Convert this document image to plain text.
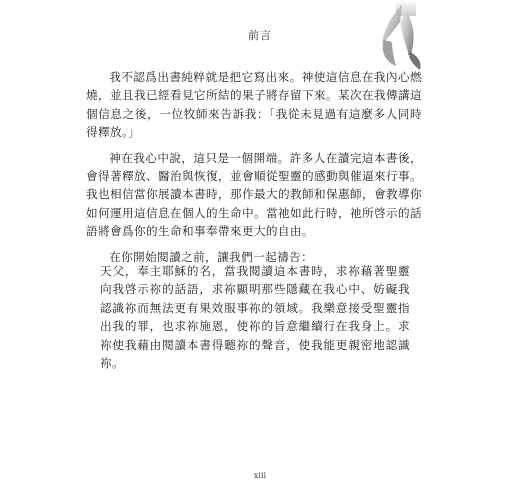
前言

我不認爲出書純粹就是把它寫出來。神使這信息在我內心燃燒，並且我已經看見它所結的果子將存留下來。某次在我傳講這個信息之後，一位牧師來告訴我：「我從未見過有這麼多人同時得釋放。」

神在我心中說，這只是一個開端。許多人在讀完這本書後，會得著釋放、醫治與恢復，並會順從聖靈的感動與催逼來行事。我也相信當你展讀本書時，那作最大的教師和保惠師，會教導你如何運用這信息在個人的生命中。當祂如此行時，祂所啓示的話語將會爲你的生命和事奉帶來更大的自由。

在你開始閱讀之前，讓我們一起禱告：

天父，奉主耶穌的名，當我閱讀這本書時，求祢藉著聖靈向我啓示祢的話語，求祢顯明那些隱藏在我心中、妨礙我認識祢而無法更有果效服事祢的領域。我樂意接受聖靈指出我的罪，也求祢施恩，使祢的旨意繼續行在我身上。求祢使我藉由閱讀本書得聽祢的聲音，使我能更親密地認識祢。

xiii
